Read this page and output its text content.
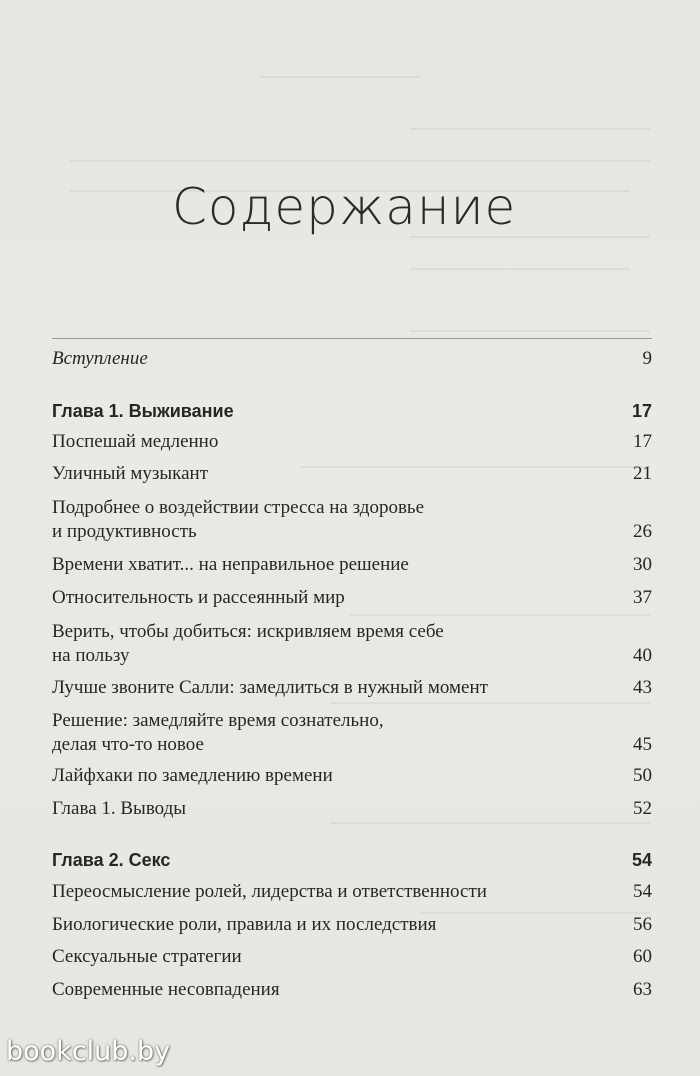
Содержание
Вступление	9
Глава 1. Выживание	17
Поспешай медленно	17
Уличный музыкант	21
Подробнее о воздействии стресса на здоровье
и продуктивность	26
Времени хватит... на неправильное решение	30
Относительность и рассеянный мир	37
Верить, чтобы добиться: искривляем время себе
на пользу	40
Лучше звоните Салли: замедлиться в нужный момент	43
Решение: замедляйте время сознательно,
делая что-то новое	45
Лайфхаки по замедлению времени	50
Глава 1. Выводы	52
Глава 2. Секс	54
Переосмысление ролей, лидерства и ответственности	54
Биологические роли, правила и их последствия	56
Сексуальные стратегии	60
Современные несовпадения	63
bookclub.by
